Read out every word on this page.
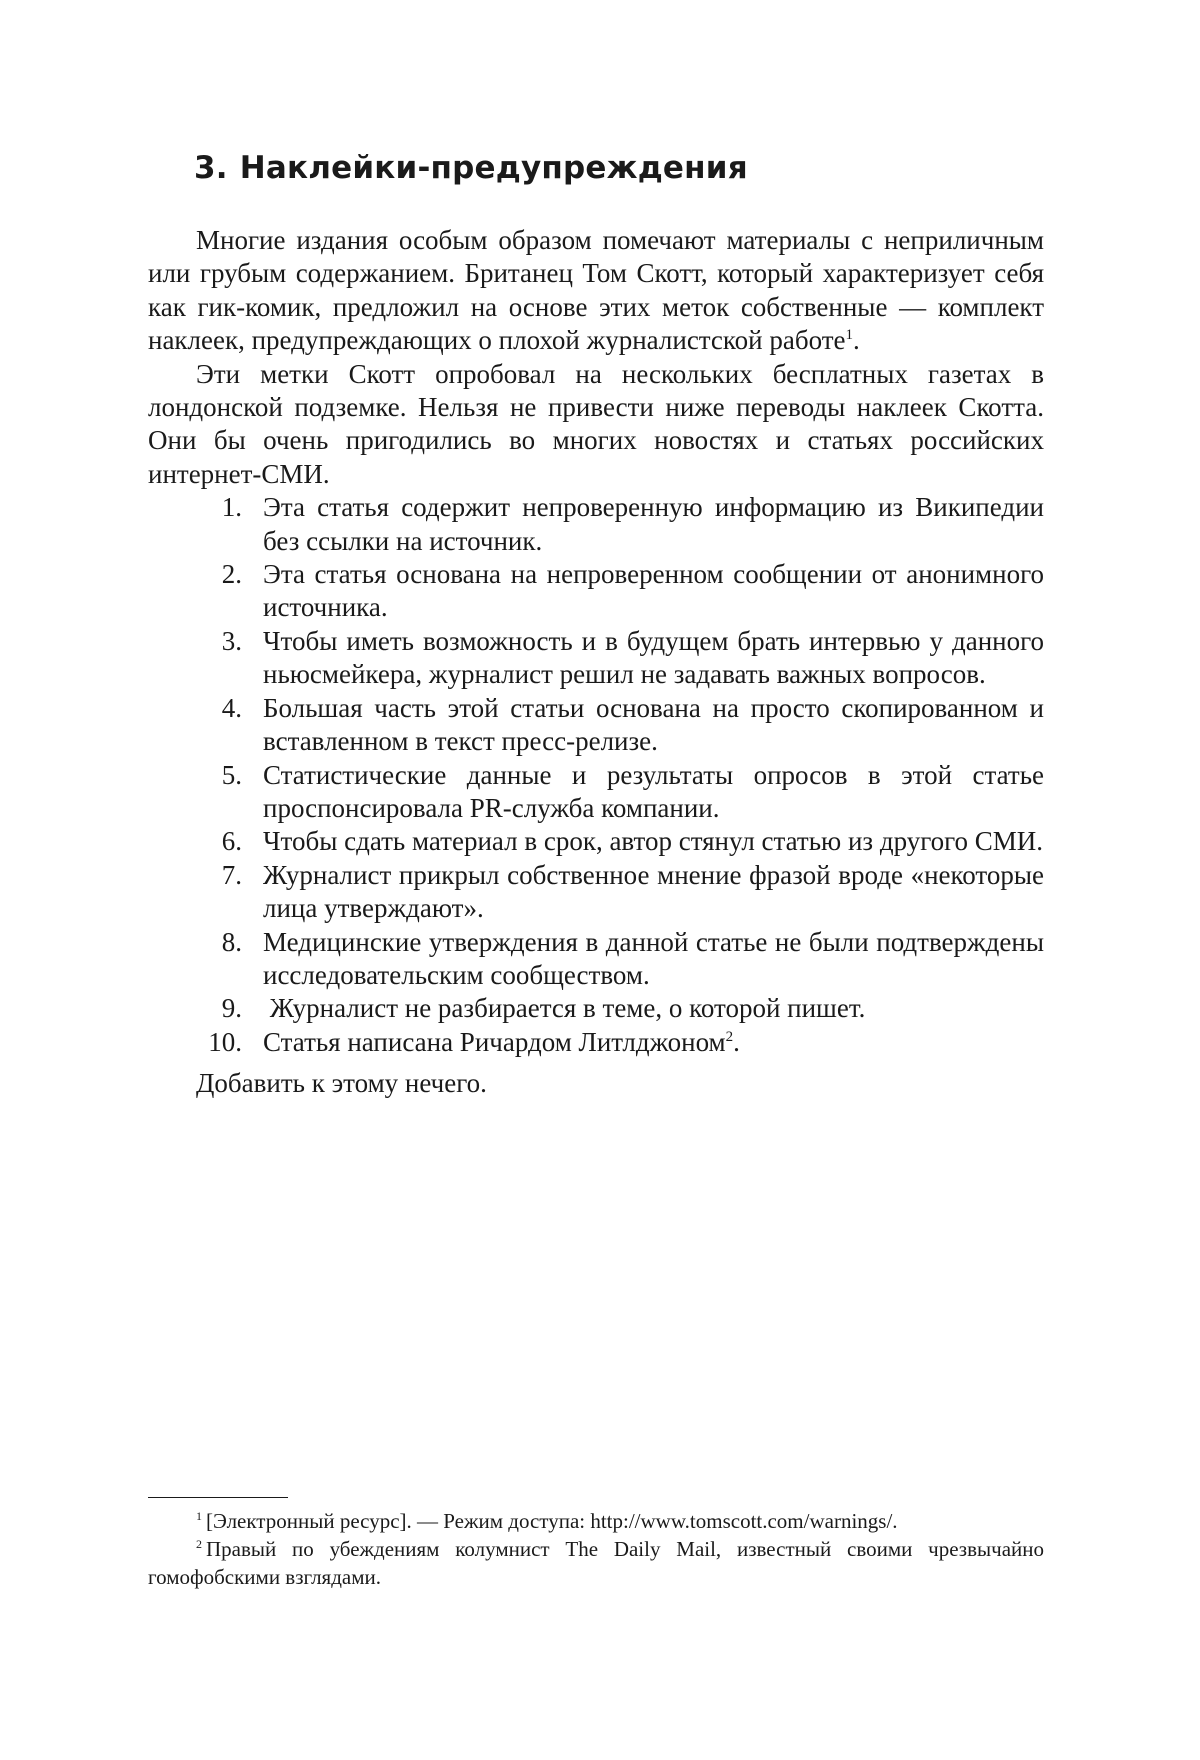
3. Наклейки-предупреждения

Многие издания особым образом помечают материалы с неприличным или грубым содержанием. Британец Том Скотт, который характеризует себя как гик-комик, предложил на основе этих меток собственные — комплект наклеек, предупреждающих о плохой журналистской работе$^1$.

Эти метки Скотт опробовал на нескольких бесплатных газетах в лондонской подземке. Нельзя не привести ниже переводы наклеек Скотта. Они бы очень пригодились во многих новостях и статьях российских интернет-СМИ.

1. Эта статья содержит непроверенную информацию из Википедии без ссылки на источник.
2. Эта статья основана на непроверенном сообщении от анонимного источника.
3. Чтобы иметь возможность и в будущем брать интервью у данного ньюсмейкера, журналист решил не задавать важных вопросов.
4. Большая часть этой статьи основана на просто скопированном и вставленном в текст пресс-релизе.
5. Статистические данные и результаты опросов в этой статье проспонсировала PR-служба компании.
6. Чтобы сдать материал в срок, автор стянул статью из другого СМИ.
7. Журналист прикрыл собственное мнение фразой вроде «некоторые лица утверждают».
8. Медицинские утверждения в данной статье не были подтверждены исследовательским сообществом.
9. Журналист не разбирается в теме, о которой пишет.
10. Статья написана Ричардом Литлджоном$^2$.

Добавить к этому нечего.

$^1$ [Электронный ресурс]. — Режим доступа: http://www.tomscott.com/warnings/.

$^2$ Правый по убеждениям колумнист The Daily Mail, известный своими чрезвычайно гомофобскими взглядами.
